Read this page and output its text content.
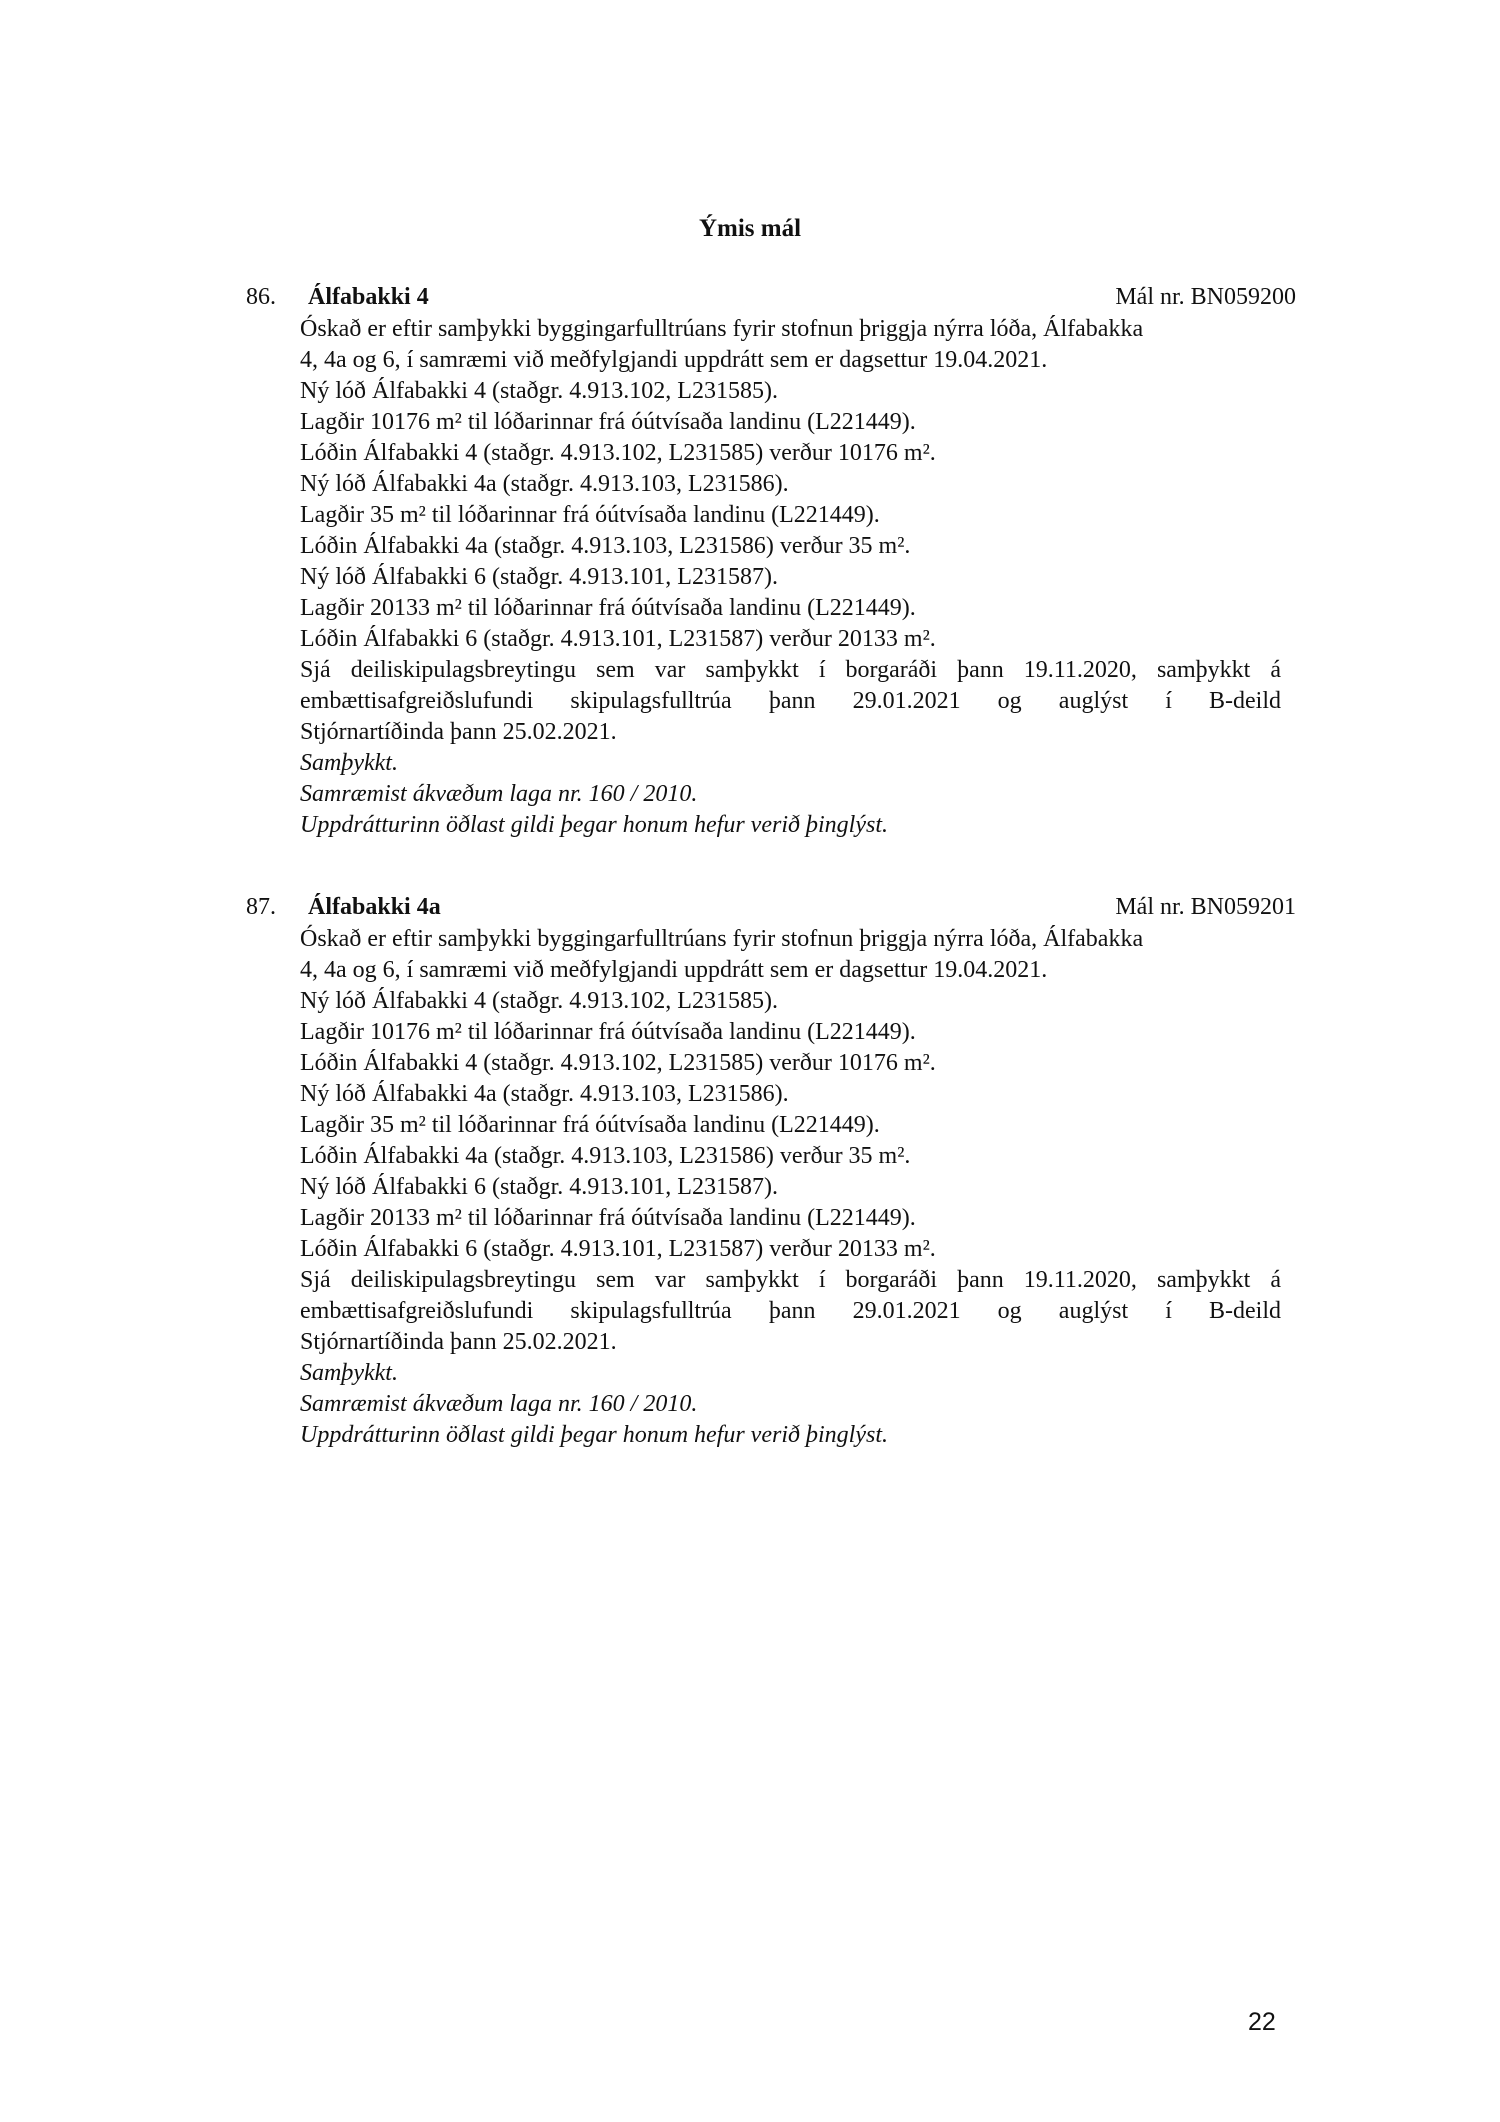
Ýmis mál
86. Álfabakki 4	Mál nr. BN059200
Óskað er eftir samþykki byggingarfulltrúans fyrir stofnun þriggja nýrra lóða, Álfabakka
4, 4a og 6, í samræmi við meðfylgjandi uppdrátt sem er dagsettur 19.04.2021.
Ný lóð Álfabakki 4 (staðgr. 4.913.102, L231585).
Lagðir 10176 m² til lóðarinnar frá óútvísaða landinu (L221449).
Lóðin Álfabakki 4 (staðgr. 4.913.102, L231585) verður 10176 m².
Ný lóð Álfabakki 4a (staðgr. 4.913.103, L231586).
Lagðir 35 m² til lóðarinnar frá óútvísaða landinu (L221449).
Lóðin Álfabakki 4a (staðgr. 4.913.103, L231586) verður 35 m².
Ný lóð Álfabakki 6 (staðgr. 4.913.101, L231587).
Lagðir 20133 m² til lóðarinnar frá óútvísaða landinu (L221449).
Lóðin Álfabakki 6 (staðgr. 4.913.101, L231587) verður 20133 m².
Sjá deiliskipulagsbreytingu sem var samþykkt í borgaráði þann 19.11.2020, samþykkt á
embættisafgreiðslufundi skipulagsfulltrúa þann 29.01.2021 og auglýst í B-deild
Stjórnartíðinda þann 25.02.2021.
Samþykkt.
Samræmist ákvæðum laga nr. 160 / 2010.
Uppdrátturinn öðlast gildi þegar honum hefur verið þinglýst.
87. Álfabakki 4a	Mál nr. BN059201
Óskað er eftir samþykki byggingarfulltrúans fyrir stofnun þriggja nýrra lóða, Álfabakka
4, 4a og 6, í samræmi við meðfylgjandi uppdrátt sem er dagsettur 19.04.2021.
Ný lóð Álfabakki 4 (staðgr. 4.913.102, L231585).
Lagðir 10176 m² til lóðarinnar frá óútvísaða landinu (L221449).
Lóðin Álfabakki 4 (staðgr. 4.913.102, L231585) verður 10176 m².
Ný lóð Álfabakki 4a (staðgr. 4.913.103, L231586).
Lagðir 35 m² til lóðarinnar frá óútvísaða landinu (L221449).
Lóðin Álfabakki 4a (staðgr. 4.913.103, L231586) verður 35 m².
Ný lóð Álfabakki 6 (staðgr. 4.913.101, L231587).
Lagðir 20133 m² til lóðarinnar frá óútvísaða landinu (L221449).
Lóðin Álfabakki 6 (staðgr. 4.913.101, L231587) verður 20133 m².
Sjá deiliskipulagsbreytingu sem var samþykkt í borgaráði þann 19.11.2020, samþykkt á
embættisafgreiðslufundi skipulagsfulltrúa þann 29.01.2021 og auglýst í B-deild
Stjórnartíðinda þann 25.02.2021.
Samþykkt.
Samræmist ákvæðum laga nr. 160 / 2010.
Uppdrátturinn öðlast gildi þegar honum hefur verið þinglýst.
22
